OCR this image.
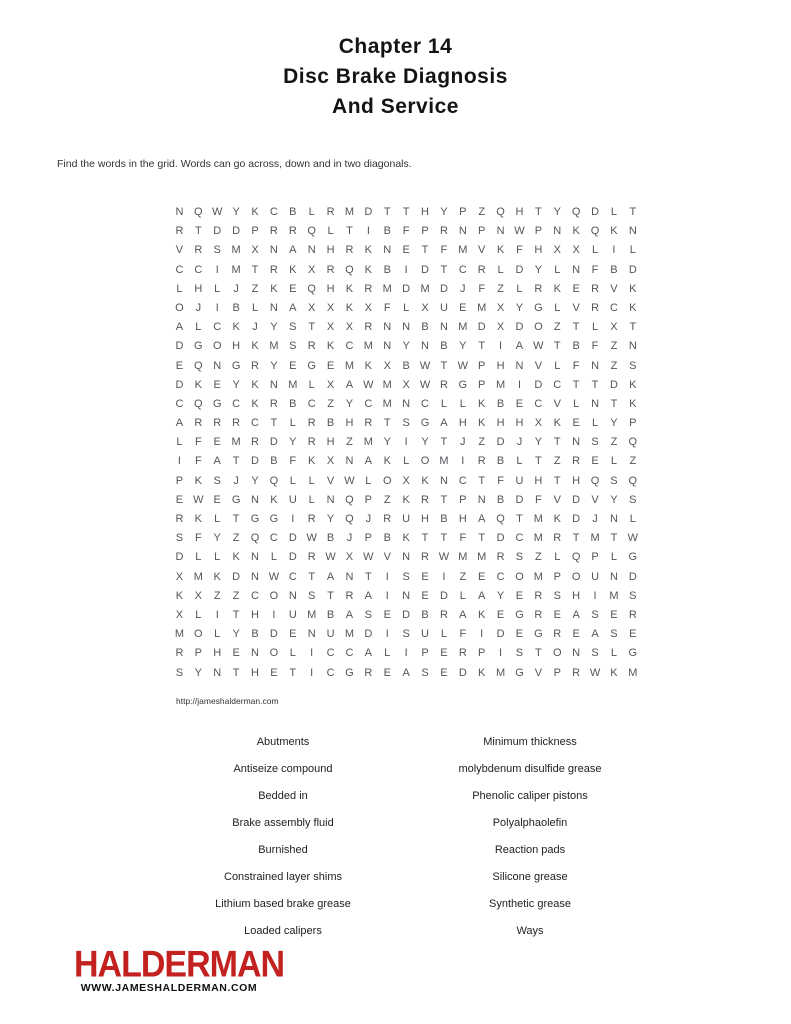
Chapter 14
Disc Brake Diagnosis
And Service
Find the words in the grid. Words can go across, down and in two diagonals.
N Q W Y K C B L R M D T T H Y P Z Q H T Y Q D L T
R T D D P R R Q L T I B F P R N P N W P N K Q K N
V R S M X N A N H R K N E T F M V K F H X X L I L
C C I M T R K X R Q K B I D T C R L D Y L N F B D
L H L J Z K E Q H K R M D M D J F Z L R K E R V K
O J I B L N A X X K X F L X U E M X Y G L V R C K
A L C K J Y S T X X R N N B N M D X D O Z T L X T
D G O H K M S R K C M N Y N B Y T I A W T B F Z N
E Q N G R Y E G E M K X B W T W P H N V L F N Z S
D K E Y K N M L X A W M X W R G P M I D C T T D K
C Q G C K R B C Z Y C M N C L L K B E C V L N T K
A R R R C T L R B H R T S G A H K H H X K E L Y P
L F E M R D Y R H Z M Y I Y T J Z D J Y T N S Z Q
I F A T D B F K X N A K L O M I R B L T Z R E L Z
P K S J Y Q L L V W L O X K N C T F U H T H Q S Q
E W E G N K U L N Q P Z K R T P N B D F V D V Y S
R K L T G G I R Y Q J R U H B H A Q T M K D J N L
S F Y Z Q C D W B J P B K T T F T D C M R T M T W
D L L K N L D R W X W V N R W M M R S Z L Q P L G
X M K D N W C T A N T I S E I Z E C O M P O U N D
K X Z Z C O N S T R A I N E D L A Y E R S H I M S
X L I T H I U M B A S E D B R A K E G R E A S E R
M O L Y B D E N U M D I S U L F I D E G R E A S E
R P H E N O L I C C A L I P E R P I S T O N S L G
S Y N T H E T I C G R E A S E D K M G V P R W K M
http://jameshalderman.com
Abutments
Antiseize compound
Bedded in
Brake assembly fluid
Burnished
Constrained layer shims
Lithium based brake grease
Loaded calipers
Minimum thickness
molybdenum disulfide grease
Phenolic caliper pistons
Polyalphaolefin
Reaction pads
Silicone grease
Synthetic grease
Ways
HALDERMAN
WWW.JAMESHALDERMAN.COM
